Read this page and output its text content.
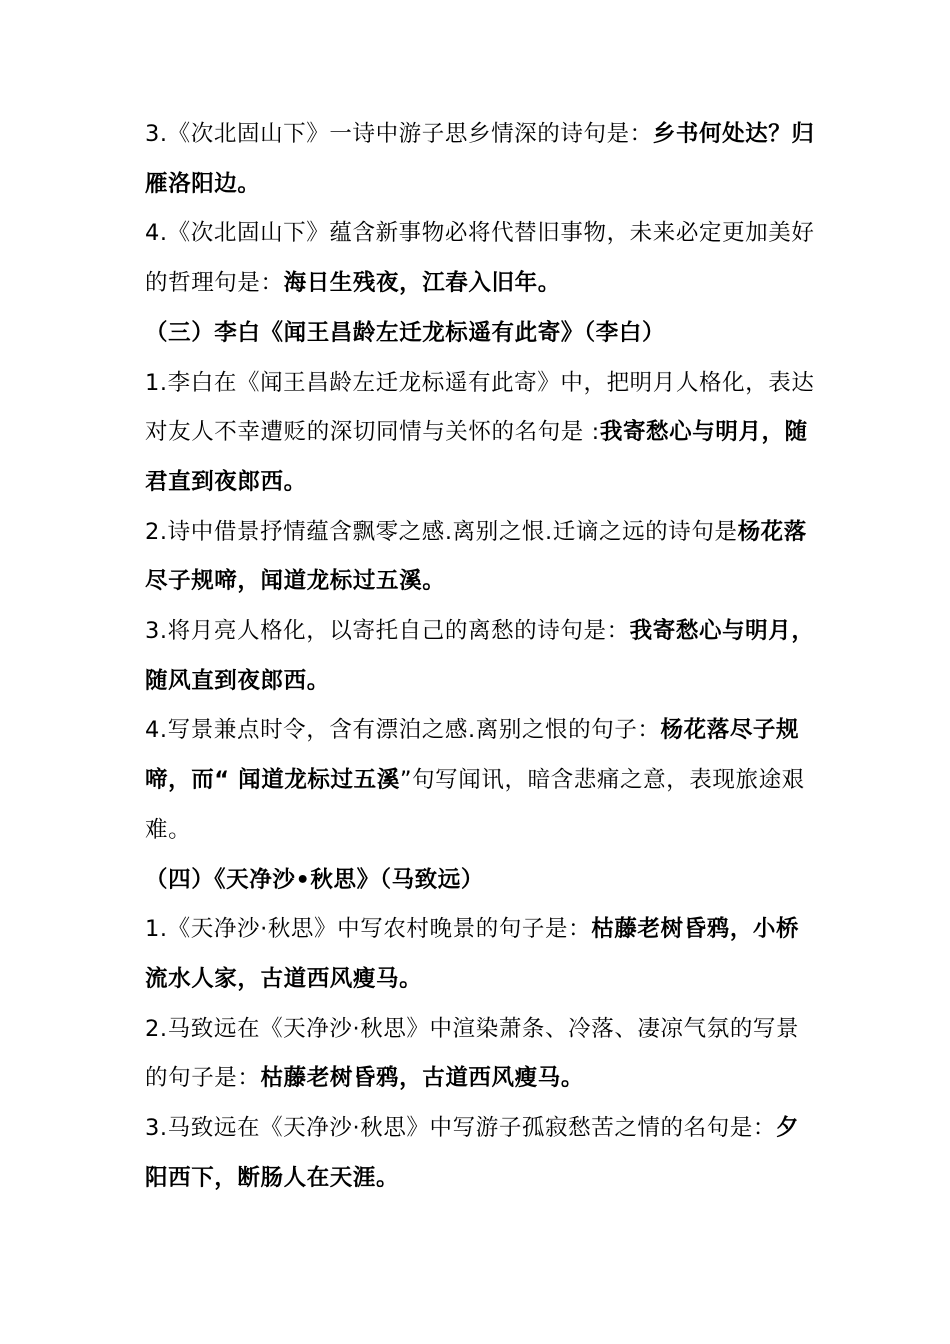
3.《次北固山下》一诗中游子思乡情深的诗句是：乡书何处达？归雁洛阳边。

4.《次北固山下》蕴含新事物必将代替旧事物，未来必定更加美好的哲理句是：海日生残夜，江春入旧年。

（三）李白《闻王昌龄左迁龙标遥有此寄》（李白）

1.李白在《闻王昌龄左迁龙标遥有此寄》中，把明月人格化，表达对友人不幸遭贬的深切同情与关怀的名句是 :我寄愁心与明月，随君直到夜郎西。

2.诗中借景抒情蕴含飘零之感.离别之恨.迁谪之远的诗句是杨花落尽子规啼，闻道龙标过五溪。

3.将月亮人格化，以寄托自己的离愁的诗句是：我寄愁心与明月，随风直到夜郎西。

4.写景兼点时令，含有漂泊之感.离别之恨的句子：杨花落尽子规啼，而“ 闻道龙标过五溪”句写闻讯，暗含悲痛之意，表现旅途艰难。

（四）《天净沙•秋思》（马致远）

1.《天净沙·秋思》中写农村晚景的句子是：枯藤老树昏鸦，小桥流水人家，古道西风瘦马。

2.马致远在《天净沙·秋思》中渲染萧条、冷落、凄凉气氛的写景的句子是：枯藤老树昏鸦，古道西风瘦马。

3.马致远在《天净沙·秋思》中写游子孤寂愁苦之情的名句是：夕阳西下，断肠人在天涯。
